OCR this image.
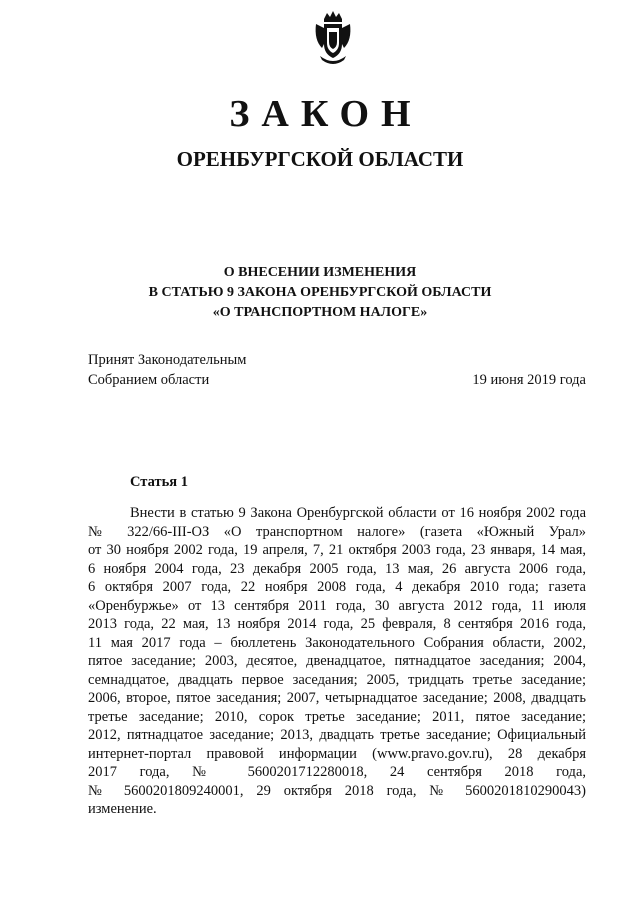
ЗАКОН
ОРЕНБУРГСКОЙ ОБЛАСТИ
О ВНЕСЕНИИ ИЗМЕНЕНИЯ
В СТАТЬЮ 9 ЗАКОНА ОРЕНБУРГСКОЙ ОБЛАСТИ
«О ТРАНСПОРТНОМ НАЛОГЕ»
Принят Законодательным
Собранием области	19 июня 2019 года
Статья 1
Внести в статью 9 Закона Оренбургской области от 16 ноября 2002 года
№ 322/66-III-ОЗ «О транспортном налоге» (газета «Южный Урал»
от 30 ноября 2002 года, 19 апреля, 7, 21 октября 2003 года, 23 января, 14 мая,
6 ноября 2004 года, 23 декабря 2005 года, 13 мая, 26 августа 2006 года,
6 октября 2007 года, 22 ноября 2008 года, 4 декабря 2010 года; газета
«Оренбуржье» от 13 сентября 2011 года, 30 августа 2012 года, 11 июля
2013 года, 22 мая, 13 ноября 2014 года, 25 февраля, 8 сентября 2016 года,
11 мая 2017 года – бюллетень Законодательного Собрания области, 2002,
пятое заседание; 2003, десятое, двенадцатое, пятнадцатое заседания; 2004,
семнадцатое, двадцать первое заседания; 2005, тридцать третье заседание;
2006, второе, пятое заседания; 2007, четырнадцатое заседание; 2008, двадцать
третье заседание; 2010, сорок третье заседание; 2011, пятое заседание;
2012, пятнадцатое заседание; 2013, двадцать третье заседание; Официальный
интернет-портал правовой информации (www.pravo.gov.ru), 28 декабря
2017 года, № 5600201712280018, 24 сентября 2018 года,
№ 5600201809240001, 29 октября 2018 года, № 5600201810290043)
изменение.
